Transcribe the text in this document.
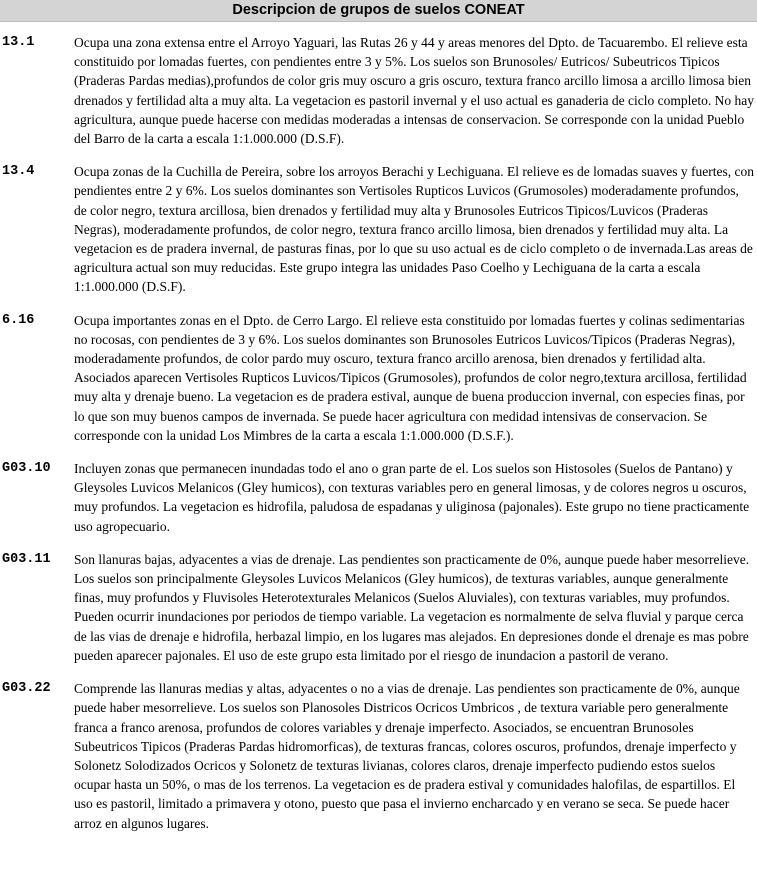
Descripcion de grupos de suelos CONEAT
13.1	Ocupa una zona extensa entre el Arroyo Yaguari, las Rutas 26 y 44 y areas menores del Dpto. de Tacuarembo. El relieve esta constituido por lomadas fuertes, con pendientes entre 3 y 5%. Los suelos son Brunosoles/ Eutricos/ Subeutricos Tipicos (Praderas Pardas medias),profundos de color gris muy oscuro a gris oscuro, textura franco arcillo limosa a arcillo limosa bien drenados y fertilidad alta a muy alta. La vegetacion es pastoril invernal y el uso actual es ganaderia de ciclo completo. No hay agricultura, aunque puede hacerse con medidas moderadas a intensas de conservacion. Se corresponde con la unidad Pueblo del Barro de la carta a escala 1:1.000.000 (D.S.F).

13.4	Ocupa zonas de la Cuchilla de Pereira, sobre los arroyos Berachi y Lechiguana. El relieve es de lomadas suaves y fuertes, con pendientes entre 2 y 6%. Los suelos dominantes son Vertisoles Rupticos Luvicos (Grumosoles) moderadamente profundos, de color negro, textura arcillosa, bien drenados y fertilidad muy alta y Brunosoles Eutricos Tipicos/Luvicos (Praderas Negras), moderadamente profundos, de color negro, textura franco arcillo limosa, bien drenados y fertilidad muy alta. La vegetacion es de pradera invernal, de pasturas finas, por lo que su uso actual es de ciclo completo o de invernada.Las areas de agricultura actual son muy reducidas. Este grupo integra las unidades Paso Coelho y Lechiguana de la carta a escala 1:1.000.000 (D.S.F).

6.16	Ocupa importantes zonas en el Dpto. de Cerro Largo. El relieve esta constituido por lomadas fuertes y colinas sedimentarias no rocosas, con pendientes de 3 y 6%. Los suelos dominantes son Brunosoles Eutricos Luvicos/Tipicos (Praderas Negras), moderadamente profundos, de color pardo muy oscuro, textura franco arcillo arenosa, bien drenados y fertilidad alta. Asociados aparecen Vertisoles Rupticos Luvicos/Tipicos (Grumosoles), profundos de color negro,textura arcillosa, fertilidad muy alta y drenaje bueno. La vegetacion es de pradera estival, aunque de buena produccion invernal, con especies finas, por lo que son muy buenos campos de invernada. Se puede hacer agricultura con medidad intensivas de conservacion. Se corresponde con la unidad Los Mimbres de la carta a escala 1:1.000.000 (D.S.F.).

G03.10	Incluyen zonas que permanecen inundadas todo el ano o gran parte de el. Los suelos son Histosoles (Suelos de Pantano) y Gleysoles Luvicos Melanicos (Gley humicos), con texturas variables pero en general limosas, y de colores negros u oscuros, muy profundos. La vegetacion es hidrofila, paludosa de espadanas y uliginosa (pajonales). Este grupo no tiene practicamente uso agropecuario.

G03.11	Son llanuras bajas, adyacentes a vias de drenaje. Las pendientes son practicamente de 0%, aunque puede haber mesorrelieve. Los suelos son principalmente Gleysoles Luvicos Melanicos (Gley humicos), de texturas variables, aunque generalmente finas, muy profundos y Fluvisoles Heterotexturales Melanicos (Suelos Aluviales), con texturas variables, muy profundos. Pueden ocurrir inundaciones por periodos de tiempo variable. La vegetacion es normalmente de selva fluvial y parque cerca de las vias de drenaje e hidrofila, herbazal limpio, en los lugares mas alejados. En depresiones donde el drenaje es mas pobre pueden aparecer pajonales. El uso de este grupo esta limitado por el riesgo de inundacion a pastoril de verano.

G03.22	Comprende las llanuras medias y altas, adyacentes o no a vias de drenaje. Las pendientes son practicamente de 0%, aunque puede haber mesorrelieve. Los suelos son Planosoles Districos Ocricos Umbricos , de textura variable pero generalmente franca a franco arenosa, profundos de colores variables y drenaje imperfecto. Asociados, se encuentran Brunosoles Subeutricos Tipicos (Praderas Pardas hidromorficas), de texturas francas, colores oscuros, profundos, drenaje imperfecto y Solonetz Solodizados Ocricos y Solonetz de texturas livianas, colores claros, drenaje imperfecto pudiendo estos suelos ocupar hasta un 50%, o mas de los terrenos. La vegetacion es de pradera estival y comunidades halofilas, de espartillos. El uso es pastoril, limitado a primavera y otono, puesto que pasa el invierno encharcado y en verano se seca. Se puede hacer arroz en algunos lugares.
